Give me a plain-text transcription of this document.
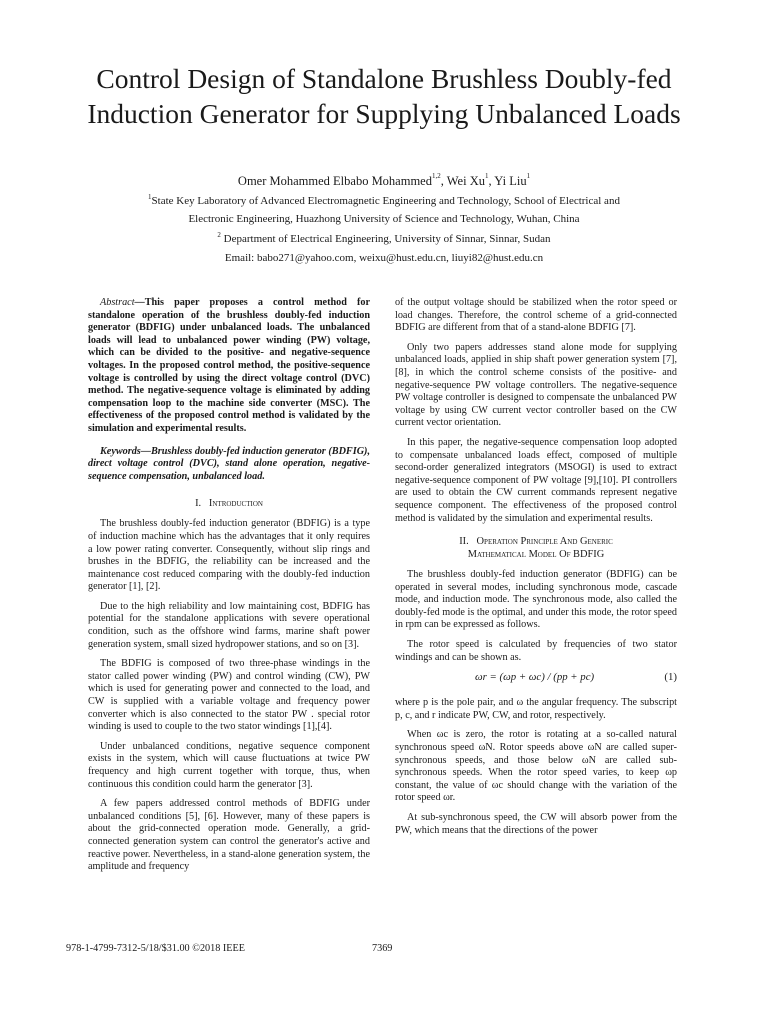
Control Design of Standalone Brushless Doubly-fed Induction Generator for Supplying Unbalanced Loads
Omer Mohammed Elbabo Mohammed$^{1,2}$, Wei Xu$^1$, Yi Liu$^1$
$^1$State Key Laboratory of Advanced Electromagnetic Engineering and Technology, School of Electrical and
Electronic Engineering, Huazhong University of Science and Technology, Wuhan, China
$^2$ Department of Electrical Engineering, University of Sinnar, Sinnar, Sudan
Email: babo271@yahoo.com, weixu@hust.edu.cn, liuyi82@hust.edu.cn

Abstract—This paper proposes a control method for standalone operation of the brushless doubly-fed induction generator (BDFIG) under unbalanced loads. The unbalanced loads will lead to unbalanced power winding (PW) voltage, which can be divided to the positive- and negative-sequence voltages. In the proposed control method, the positive-sequence voltage is controlled by using the direct voltage control (DVC) method. The negative-sequence voltage is eliminated by adding compensation loop to the machine side converter (MSC). The effectiveness of the proposed control method is validated by the simulation and experimental results.

Keywords—Brushless doubly-fed induction generator (BDFIG), direct voltage control (DVC), stand alone operation, negative-sequence compensation, unbalanced load.

I. Introduction

The brushless doubly-fed induction generator (BDFIG) is a type of induction machine which has the advantages that it only requires a low power rating converter. Consequently, without slip rings and brushes in the BDFIG, the reliability can be increased and the maintenance cost reduced comparing with the doubly-fed induction generator [1], [2].

Due to the high reliability and low maintaining cost, BDFIG has potential for the standalone applications with severe operational condition, such as the offshore wind farms, marine shaft power generation system, small sized hydropower stations, and so on [3].

The BDFIG is composed of two three-phase windings in the stator called power winding (PW) and control winding (CW), PW which is used for generating power and connected to the load, and CW is supplied with a variable voltage and frequency power converter which is also connected to the stator PW . special rotor winding is used to couple to the two stator windings [1],[4].

Under unbalanced conditions, negative sequence component exists in the system, which will cause fluctuations at twice PW frequency and high current together with torque, thus, when continuous this condition could harm the generator [3].

A few papers addressed control methods of BDFIG under unbalanced conditions [5], [6]. However, many of these papers is about the grid-connected operation mode. Generally, a grid-connected generation system can control the generator's active and reactive power. Nevertheless, in a stand-alone generation system, the amplitude and frequency

of the output voltage should be stabilized when the rotor speed or load changes. Therefore, the control scheme of a grid-connected BDFIG are different from that of a stand-alone BDFIG [7].

Only two papers addresses stand alone mode for supplying unbalanced loads, applied in ship shaft power generation system [7],[8], in which the control scheme consists of the positive- and negative-sequence PW voltage controllers. The negative-sequence PW voltage controller is designed to compensate the unbalanced PW voltage by using CW current vector controller based on the CW current vector orientation.

In this paper, the negative-sequence compensation loop adopted to compensate unbalanced loads effect, composed of multiple second-order generalized integrators (MSOGI) is used to extract negative-sequence component of PW voltage [9],[10]. PI controllers are used to obtain the CW current commands represent negative sequence component. The effectiveness of the proposed control method is validated by the simulation and experimental results.

II. Operation Principle And Generic
Mathematical Model Of BDFIG

The brushless doubly-fed induction generator (BDFIG) can be operated in several modes, including synchronous mode, cascade mode, and induction mode. The synchronous mode, also called the doubly-fed mode is the optimal, and under this mode, the rotor speed in rpm can be expressed as follows.

The rotor speed is calculated by frequencies of two stator windings and can be shown as.

ωr = (ωp + ωc) / (pp + pc)	(1)

where p is the pole pair, and ω the angular frequency. The subscript p, c, and r indicate PW, CW, and rotor, respectively.

When ωc is zero, the rotor is rotating at a so-called natural synchronous speed ωN. Rotor speeds above ωN are called super-synchronous speeds, and those below ωN are called sub-synchronous speeds. When the rotor speed varies, to keep ωp constant, the value of ωc should change with the variation of the rotor speed ωr.

At sub-synchronous speed, the CW will absorb power from the PW, which means that the directions of the power

978-1-4799-7312-5/18/$31.00 ©2018 IEEE	7369
